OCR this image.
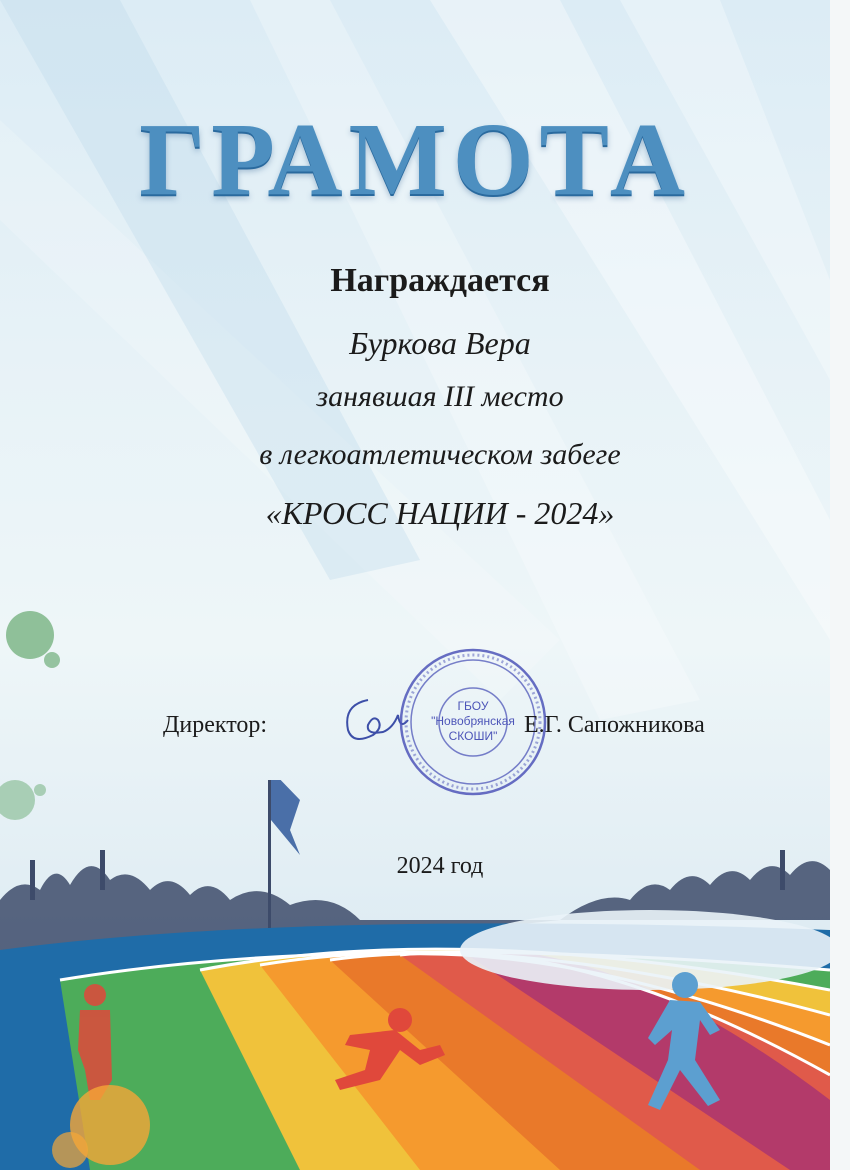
ГРАМОТА

Награждается

Буркова Вера

занявшая III место

в легкоатлетическом забеге

«КРОСС НАЦИИ - 2024»

Директор:

ГБОУ
"Новобрянская
СКОШИ"	Е.Г. Сапожникова

2024 год
